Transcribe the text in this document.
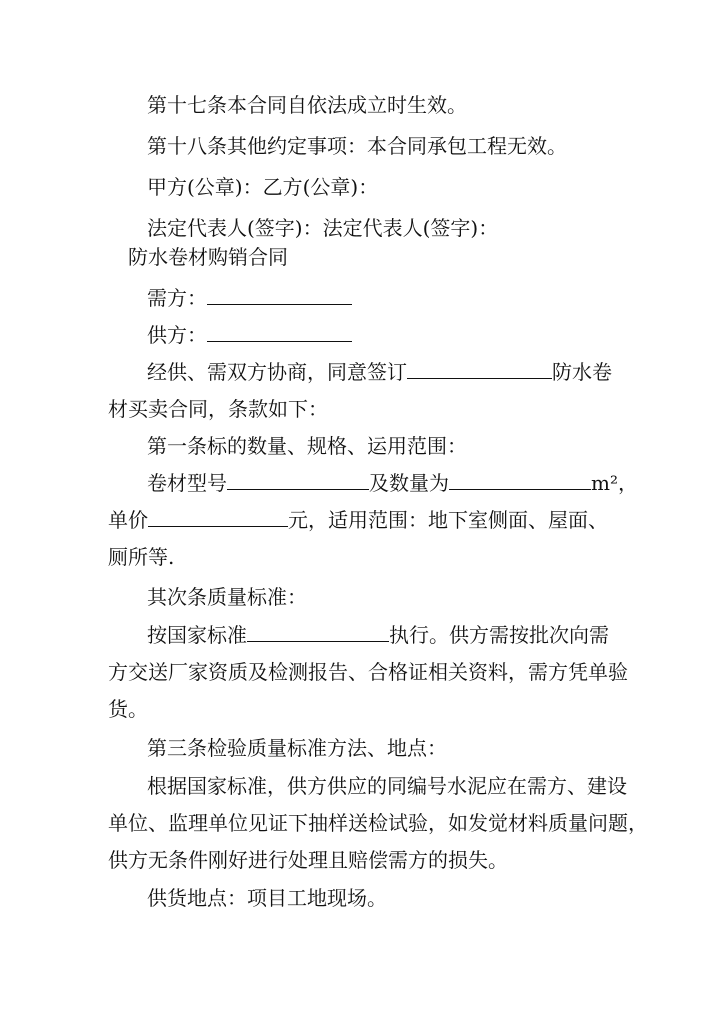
第十七条本合同自依法成立时生效。
第十八条其他约定事项：本合同承包工程无效。
甲方(公章)：乙方(公章)：
法定代表人(签字)：法定代表人(签字)：
防水卷材购销合同
需方：
供方：
经供、需双方协商，同意签订	防水卷
材买卖合同，条款如下：
第一条标的数量、规格、运用范围：
卷材型号	及数量为	m²，
单价	元，适用范围：地下室侧面、屋面、
厕所等.
其次条质量标准：
按国家标准	执行。供方需按批次向需
方交送厂家资质及检测报告、合格证相关资料，需方凭单验
货。
第三条检验质量标准方法、地点：
根据国家标准，供方供应的同编号水泥应在需方、建设
单位、监理单位见证下抽样送检试验，如发觉材料质量问题，
供方无条件刚好进行处理且赔偿需方的损失。
供货地点：项目工地现场。
